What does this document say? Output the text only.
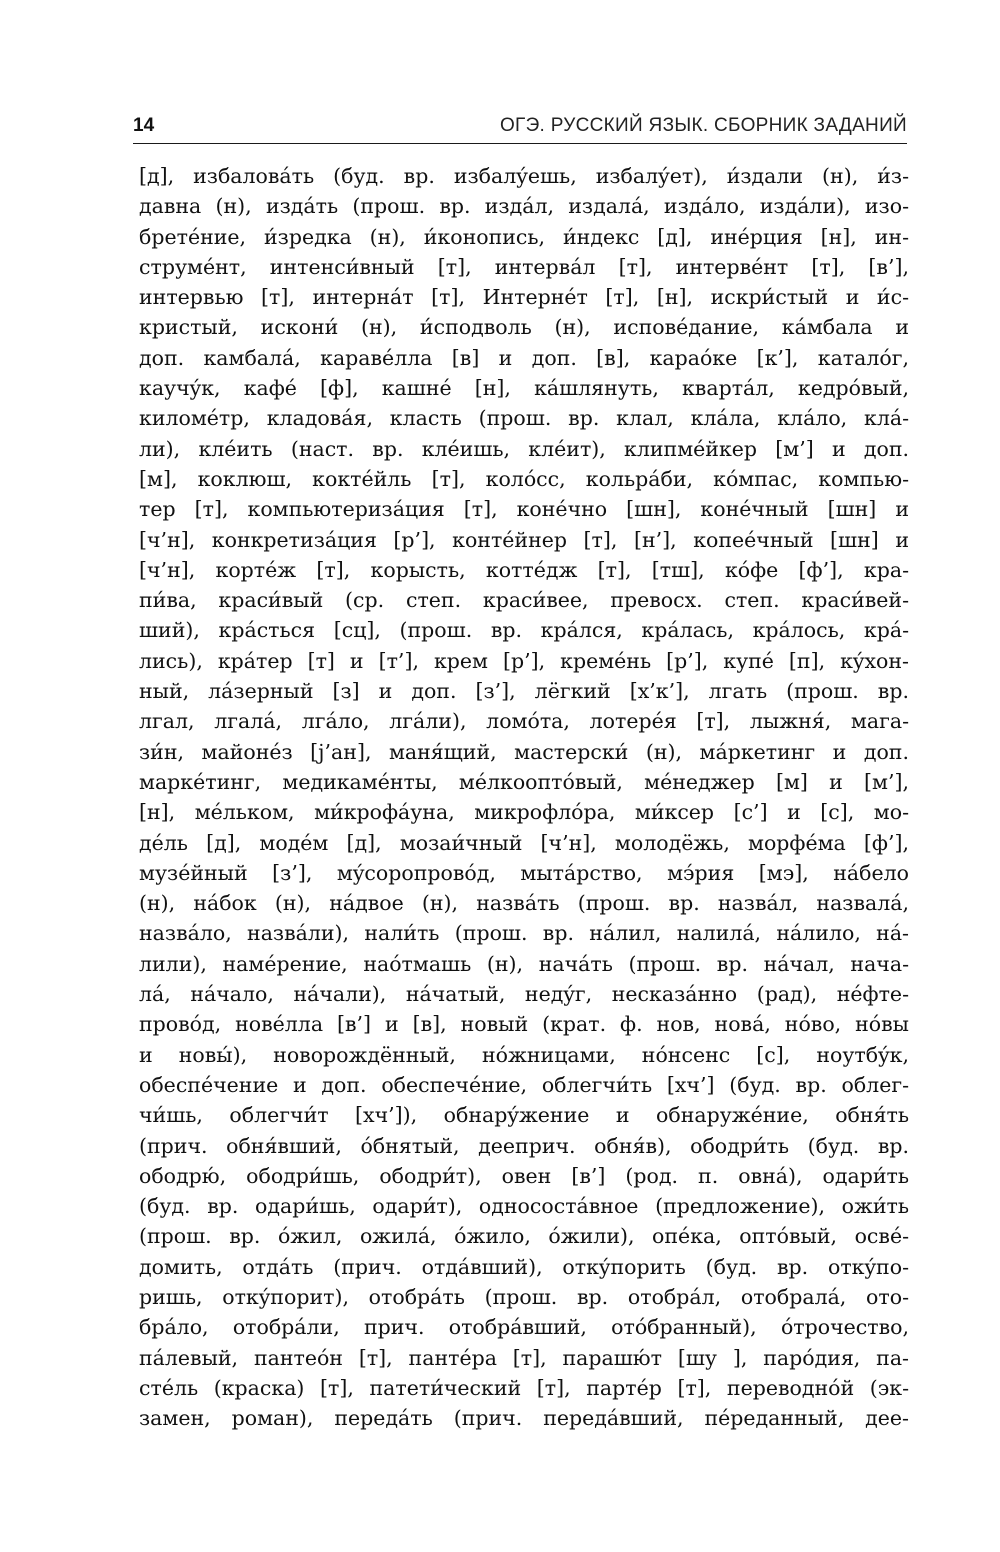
14	ОГЭ. РУССКИЙ ЯЗЫК. СБОРНИК ЗАДАНИЙ
[д], избаловáть (буд. вр. избалýешь, избалýет), и́здали (н), и́з-
давна (н), издáть (прош. вр. издáл, издалá, издáло, издáли), изо-
бретéние, и́зредка (н), и́конопись, и́ндекс [д], инéрция [н], ин-
струмéнт, интенси́вный [т], интервáл [т], интервéнт [т], [в’],
интервью [т], интернáт [т], Интернéт [т], [н], искри́стый и и́с-
кристый, искони́ (н), и́сподволь (н), исповéдание, кáмбала и
доп. камбалá, каравéлла [в] и доп. [в], караóке [к’], каталóг,
каучýк, кафé [ф], кашнé [н], кáшлянуть, квартáл, кедрóвый,
киломéтр, кладовáя, класть (прош. вр. клал, клáла, клáло, клá-
ли), клéить (наст. вр. клéишь, клéит), клипмéйкер [м’] и доп.
[м], коклюш, коктéйль [т], колóсс, кольрáби, кóмпас, компью-
тер [т], компьютеризáция [т], конéчно [шн], конéчный [шн] и
[ч’н], конкретизáция [р’], контéйнер [т], [н’], копеéчный [шн] и
[ч’н], кортéж [т], корысть, коттéдж [т], [тш], кóфе [ф’], кра-
пи́ва, краси́вый (ср. степ. краси́вее, превосх. степ. краси́вей-
ший), крáсться [сц], (прош. вр. крáлся, крáлась, крáлось, крá-
лись), крáтер [т] и [т’], крем [р’], кремéнь [р’], купé [п], кýхон-
ный, лáзерный [з] и доп. [з’], лёгкий [х’к’], лгать (прош. вр.
лгал, лгалá, лгáло, лгáли), ломóта, лотерéя [т], лыжня́, мага-
зи́н, майонéз [j’ан], маня́щий, мастерски́ (н), мáркетинг и доп.
маркéтинг, медикамéнты, мéлкооптóвый, мéнеджер [м] и [м’],
[н], мéльком, ми́крофáуна, микрофлóра, ми́ксер [с’] и [с], мо-
дéль [д], модéм [д], мозаи́чный [ч’н], молодёжь, морфéма [ф’],
музéйный [з’], мýсоропровóд, мытáрство, мэ́рия [мэ], нáбело
(н), нáбок (н), нáдвое (н), назвáть (прош. вр. назвáл, назвалá,
назвáло, назвáли), нали́ть (прош. вр. нáлил, налилá, нáлило, нá-
лили), намéрение, наóтмашь (н), начáть (прош. вр. нáчал, нача-
лá, нáчало, нáчали), нáчатый, недýг, несказáнно (рад), нéфте-
провóд, новéлла [в’] и [в], новый (крат. ф. нов, новá, нóво, нóвы
и новы́), новорождённый, нóжницами, нóнсенс [с], ноутбýк,
обеспéчение и доп. обеспечéние, облегчи́ть [хч’] (буд. вр. облег-
чи́шь, облегчи́т [хч’]), обнарýжение и обнаружéние, обня́ть
(прич. обня́вший, óбнятый, дееприч. обня́в), ободри́ть (буд. вр.
ободрю́, ободри́шь, ободри́т), овен [в’] (род. п. овнá), одари́ть
(буд. вр. одари́шь, одари́т), односостáвное (предложение), ожи́ть
(прош. вр. óжил, ожилá, óжило, óжили), опéка, оптóвый, освé-
домить, отдáть (прич. отдáвший), откýпорить (буд. вр. откýпо-
ришь, откýпорит), отобрáть (прош. вр. отобрáл, отобралá, ото-
брáло, отобрáли, прич. отобрáвший, отóбранный), óтрочество,
пáлевый, пантеóн [т], пантéра [т], парашю́т [шу ], парóдия, па-
стéль (краска) [т], патети́ческий [т], партéр [т], переводнóй (эк-
замен, роман), передáть (прич. передáвший, пéреданный, дее-
